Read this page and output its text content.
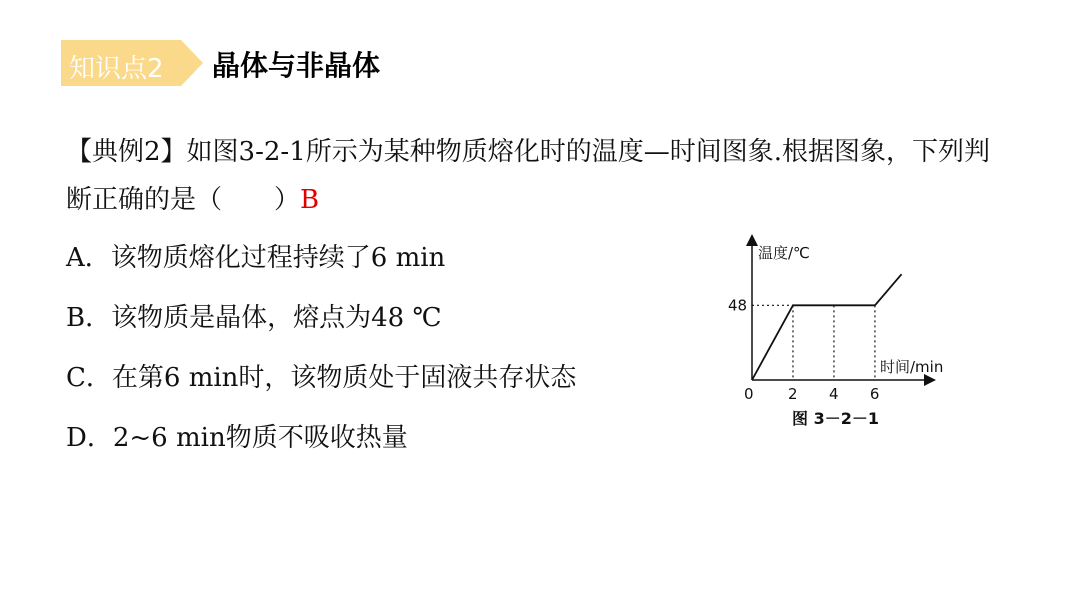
知识点2 晶体与非晶体
【典例2】如图3-2-1所示为某种物质熔化时的温度—时间图象.根据图象，下列判断正确的是（　　）B
A．该物质熔化过程持续了6 min
B．该物质是晶体，熔点为48 ℃
C．在第6 min时，该物质处于固液共存状态
D．2~6 min物质不吸收热量
温度/℃
时间/min
0 2 4 6
48
图 3－2－1
